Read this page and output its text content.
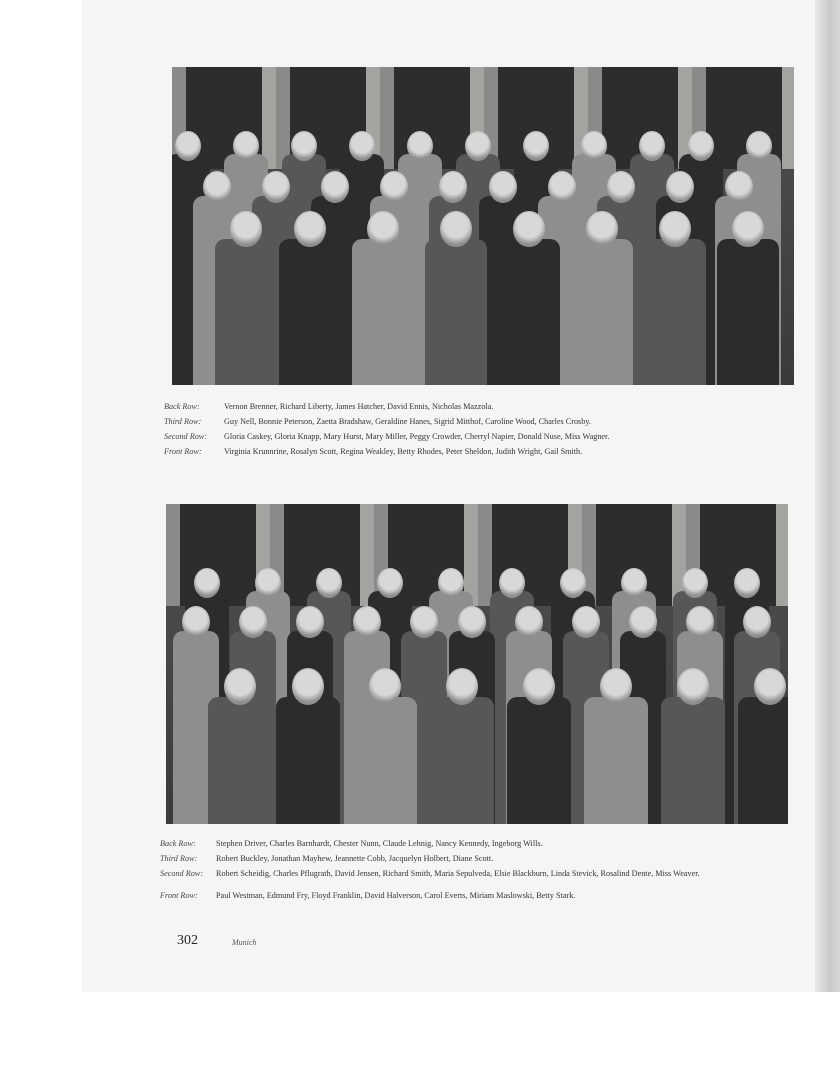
Back Row:	Vernon Brenner, Richard Liberty, James Hatcher, David Ennis, Nicholas Mazzola.
Third Row:	Guy Nell, Bonnie Peterson, Zaetta Bradshaw, Geraldine Hanes, Sigrid Mitthof, Caroline Wood, Charles Crosby.
Second Row: Gloria Caskey, Gloria Knapp, Mary Hurst, Mary Miller, Peggy Crowder, Cherryl Napier, Donald Nuse, Miss Wagner.
Front Row:	Virginia Krunnrine, Rosalyn Scott, Regina Weakley, Betty Rhodes, Peter Sheldon, Judith Wright, Gail Smith.
Back Row: Stephen Driver, Charles Barnhardt, Chester Nunn, Claude Lehnig, Nancy Kennedy, Ingeborg Wills.
Third Row: Robert Buckley, Jonathan Mayhew, Jeannette Cobb, Jacquelyn Holbert, Diane Scott.
Second Row: Robert Scheidig, Charles Pflugrath, David Jensen, Richard Smith, Maria Sepulveda, Elsie Blackburn, Linda Stevick, Rosalind Dente, Miss Weaver.
Front Row: Paul Westman, Edmund Fry, Floyd Franklin, David Halverson, Carol Everts, Miriam Maslowski, Betty Stark.
302	Munich
